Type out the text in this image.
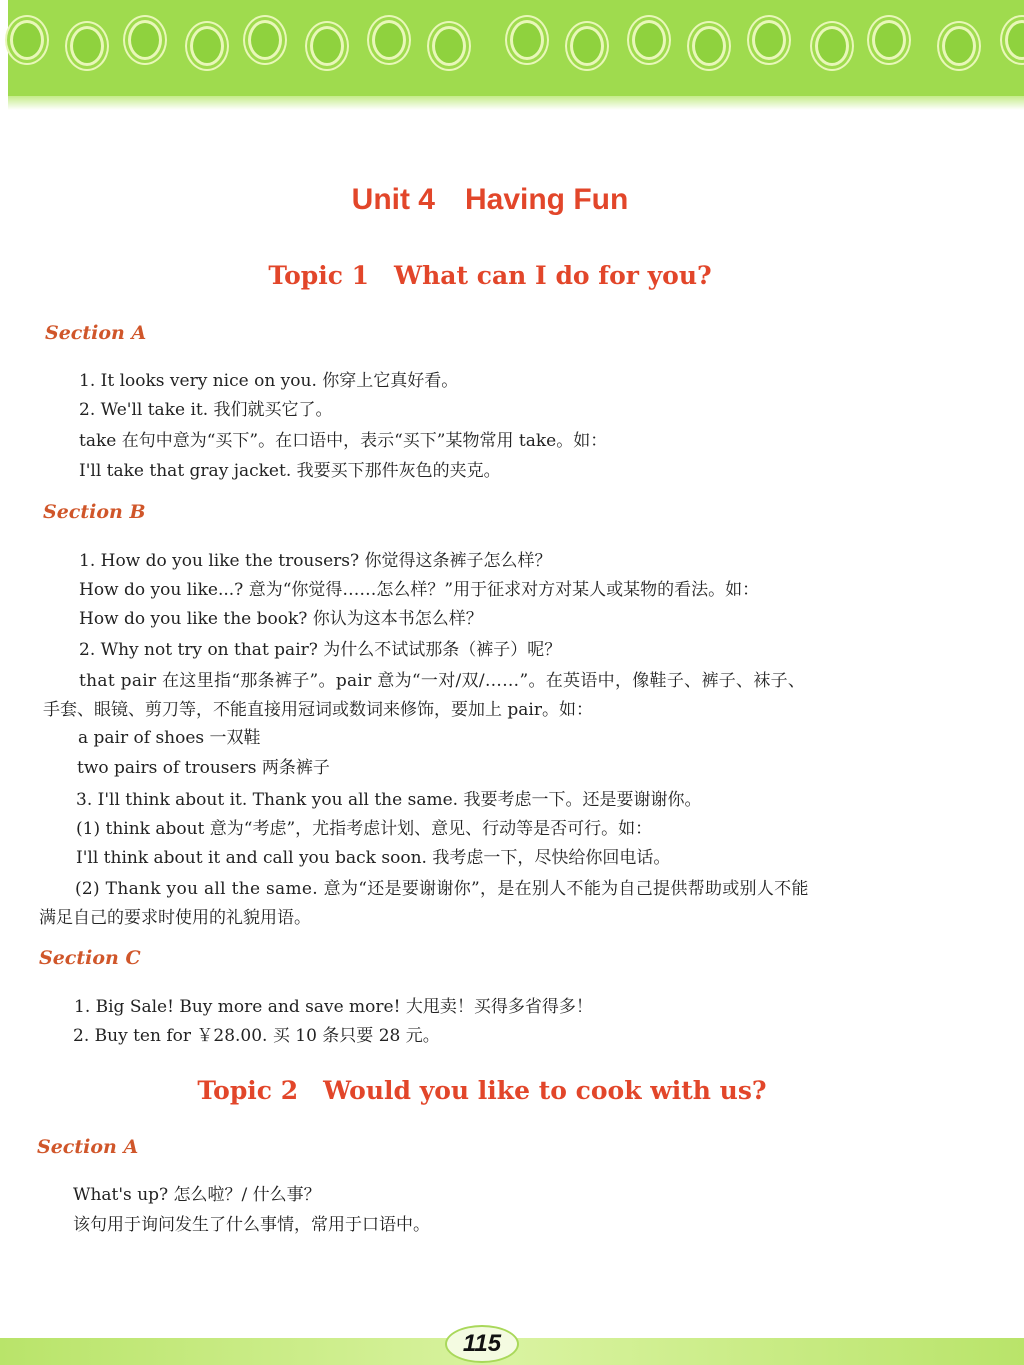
Unit 4　Having Fun
Topic 1　What can I do for you?
Section A
1. It looks very nice on you. 你穿上它真好看。
2. We'll take it. 我们就买它了。
take 在句中意为“买下”。在口语中，表示“买下”某物常用 take。如：
I'll take that gray jacket. 我要买下那件灰色的夹克。
Section B
1. How do you like the trousers? 你觉得这条裤子怎么样？
How do you like...? 意为“你觉得……怎么样？”用于征求对方对某人或某物的看法。如：
How do you like the book? 你认为这本书怎么样？
2. Why not try on that pair? 为什么不试试那条（裤子）呢？
that pair 在这里指“那条裤子”。pair 意为“一对/双/……”。在英语中，像鞋子、裤子、袜子、
手套、眼镜、剪刀等，不能直接用冠词或数词来修饰，要加上 pair。如：
a pair of shoes 一双鞋
two pairs of trousers 两条裤子
3. I'll think about it. Thank you all the same. 我要考虑一下。还是要谢谢你。
(1) think about 意为“考虑”，尤指考虑计划、意见、行动等是否可行。如：
I'll think about it and call you back soon. 我考虑一下，尽快给你回电话。
(2) Thank you all the same. 意为“还是要谢谢你”，是在别人不能为自己提供帮助或别人不能
满足自己的要求时使用的礼貌用语。
Section C
1. Big Sale! Buy more and save more! 大甩卖！买得多省得多！
2. Buy ten for ￥28.00. 买 10 条只要 28 元。
Topic 2　Would you like to cook with us?
Section A
What's up? 怎么啦？/ 什么事？
该句用于询问发生了什么事情，常用于口语中。
115
